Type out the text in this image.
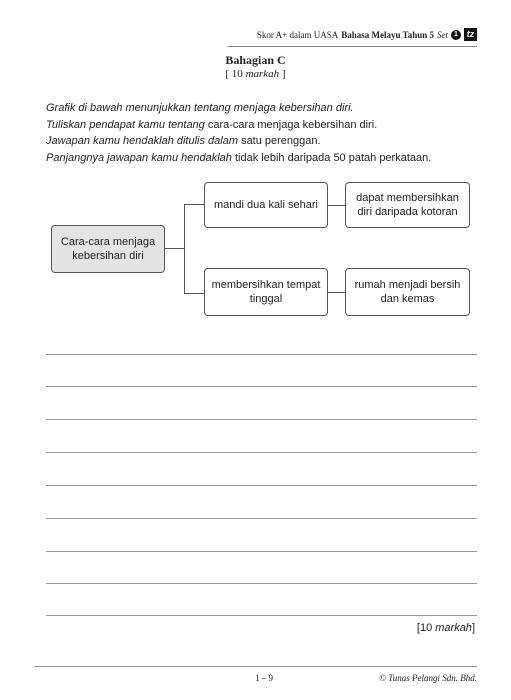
Skor A+ dalam UASA Bahasa Melayu Tahun 5 Set 1 tz
Bahagian C
[ 10 markah ]
Grafik di bawah menunjukkan tentang menjaga kebersihan diri.
Tuliskan pendapat kamu tentang cara-cara menjaga kebersihan diri.
Jawapan kamu hendaklah ditulis dalam satu perenggan.
Panjangnya jawapan kamu hendaklah tidak lebih daripada 50 patah perkataan.
Cara-cara menjaga kebersihan diri
mandi dua kali sehari
dapat membersihkan diri daripada kotoran
membersihkan tempat tinggal
rumah menjadi bersih dan kemas
[10 markah]
1 – 9	© Tunas Pelangi Sdn. Bhd.
